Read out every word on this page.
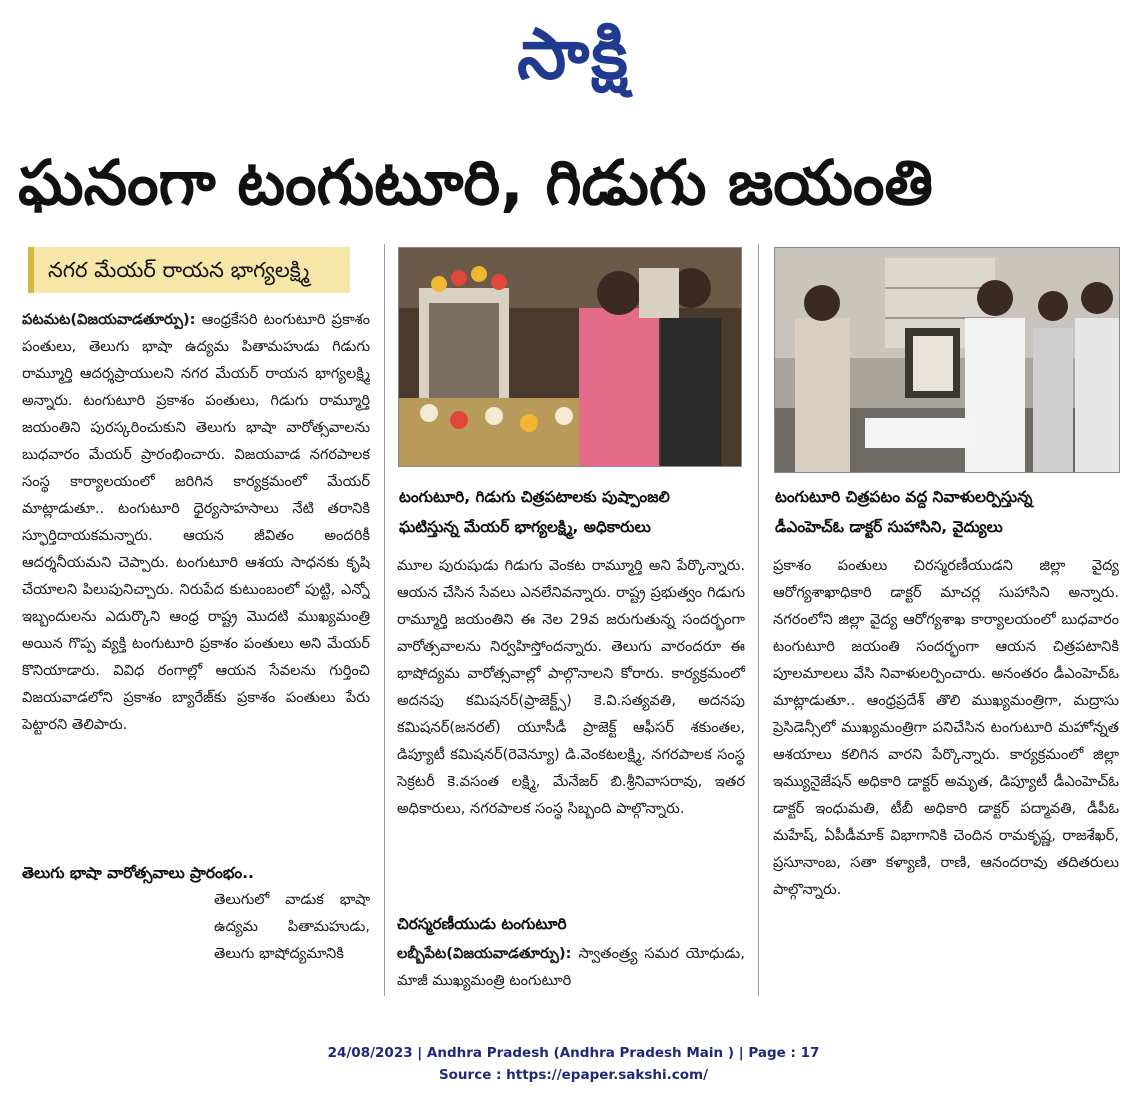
సాక్షి
ఘనంగా టంగుటూరి, గిడుగు జయంతి
నగర మేయర్ రాయన భాగ్యలక్ష్మి

పటమట(విజయవాడతూర్పు): ఆంధ్రకేసరి టంగుటూరి ప్రకాశం పంతులు, తెలుగు భాషా ఉద్యమ పితామహుడు గిడుగు రామ్మూర్తి ఆదర్శప్రాయులని నగర మేయర్ రాయన భాగ్యలక్ష్మి అన్నారు. టంగుటూరి ప్రకాశం పంతులు, గిడుగు రామ్మూర్తి జయంతిని పురస్కరించుకుని తెలుగు భాషా వారోత్సవాలను బుధవారం మేయర్ ప్రారంభించారు. విజయవాడ నగరపాలక సంస్థ కార్యాలయంలో జరిగిన కార్యక్రమంలో మేయర్ మాట్లాడుతూ.. టంగుటూరి ధైర్యసాహసాలు నేటి తరానికి స్ఫూర్తిదాయకమన్నారు. ఆయన జీవితం అందరికీ ఆదర్శనీయమని చెప్పారు. టంగుటూరి ఆశయ సాధనకు కృషి చేయాలని పిలుపునిచ్చారు. నిరుపేద కుటుంబంలో పుట్టి, ఎన్నో ఇబ్బందులను ఎదుర్కొని ఆంధ్ర రాష్ట్ర మొదటి ముఖ్యమంత్రి అయిన గొప్ప వ్యక్తి టంగుటూరి ప్రకాశం పంతులు అని మేయర్ కొనియాడారు. వివిధ రంగాల్లో ఆయన సేవలను గుర్తించి విజయవాడలోని ప్రకాశం బ్యారేజ్‌కు ప్రకాశం పంతులు పేరు పెట్టారని తెలిపారు.

తెలుగు భాషా వారోత్సవాలు ప్రారంభం..

తెలుగులో వాడుక భాషా ఉద్యమ పితామహుడు, తెలుగు భాషోద్యమానికి

టంగుటూరి, గిడుగు చిత్రపటాలకు పుష్పాంజలి
ఘటిస్తున్న మేయర్ భాగ్యలక్ష్మి, అధికారులు

మూల పురుషుడు గిడుగు వెంకట రామ్మూర్తి అని పేర్కొన్నారు. ఆయన చేసిన సేవలు ఎనలేనివన్నారు. రాష్ట్ర ప్రభుత్వం గిడుగు రామ్మూర్తి జయంతిని ఈ నెల 29వ జరుగుతున్న సందర్భంగా వారోత్సవాలను నిర్వహిస్తోందన్నారు. తెలుగు వారందరూ ఈ భాషోద్యమ వారోత్సవాల్లో పాల్గొనాలని కోరారు. కార్యక్రమంలో అదనపు కమిషనర్(ప్రాజెక్ట్స్) కె.వి.సత్యవతి, అదనపు కమిషనర్(జనరల్) యూసీడీ ప్రాజెక్ట్ ఆఫీసర్ శకుంతల, డిప్యూటీ కమిషనర్(రెవెన్యూ) డి.వెంకటలక్ష్మి, నగరపాలక సంస్థ సెక్రటరీ కె.వసంత లక్ష్మి, మేనేజర్ బి.శ్రీనివాసరావు, ఇతర అధికారులు, నగరపాలక సంస్థ సిబ్బంది పాల్గొన్నారు.

చిరస్మరణీయుడు టంగుటూరి

లబ్బీపేట(విజయవాడతూర్పు): స్వాతంత్ర్య సమర యోధుడు, మాజీ ముఖ్యమంత్రి టంగుటూరి

టంగుటూరి చిత్రపటం వద్ద నివాళులర్పిస్తున్న
డీఎంహెచ్‌ఓ డాక్టర్ సుహాసిని, వైద్యులు

ప్రకాశం పంతులు చిరస్మరణీయుడని జిల్లా వైద్య ఆరోగ్యశాఖాధికారి డాక్టర్ మాచర్ల సుహాసిని అన్నారు. నగరంలోని జిల్లా వైద్య ఆరోగ్యశాఖ కార్యాలయంలో బుధవారం టంగుటూరి జయంతి సందర్భంగా ఆయన చిత్రపటానికి పూలమాలలు వేసి నివాళులర్పించారు. అనంతరం డీఎంహెచ్‌ఓ మాట్లాడుతూ.. ఆంధ్రప్రదేశ్ తొలి ముఖ్యమంత్రిగా, మద్రాసు ప్రెసిడెన్సీలో ముఖ్యమంత్రిగా పనిచేసిన టంగుటూరి మహోన్నత ఆశయాలు కలిగిన వారని పేర్కొన్నారు. కార్యక్రమంలో జిల్లా ఇమ్యునైజేషన్ అధికారి డాక్టర్ అమృత, డిప్యూటీ డీఎంహెచ్‌ఓ డాక్టర్ ఇంధుమతి, టీబీ అధికారి డాక్టర్ పద్మావతి, డీపీఓ మహేష్, ఏపీడీమాక్ విభాగానికి చెందిన రామకృష్ణ, రాజశేఖర్, ప్రసూనాంబ, సతా కళ్యాణి, రాణి, ఆనందరావు తదితరులు పాల్గొన్నారు.

24/08/2023 | Andhra Pradesh (Andhra Pradesh Main ) | Page : 17
Source : https://epaper.sakshi.com/
